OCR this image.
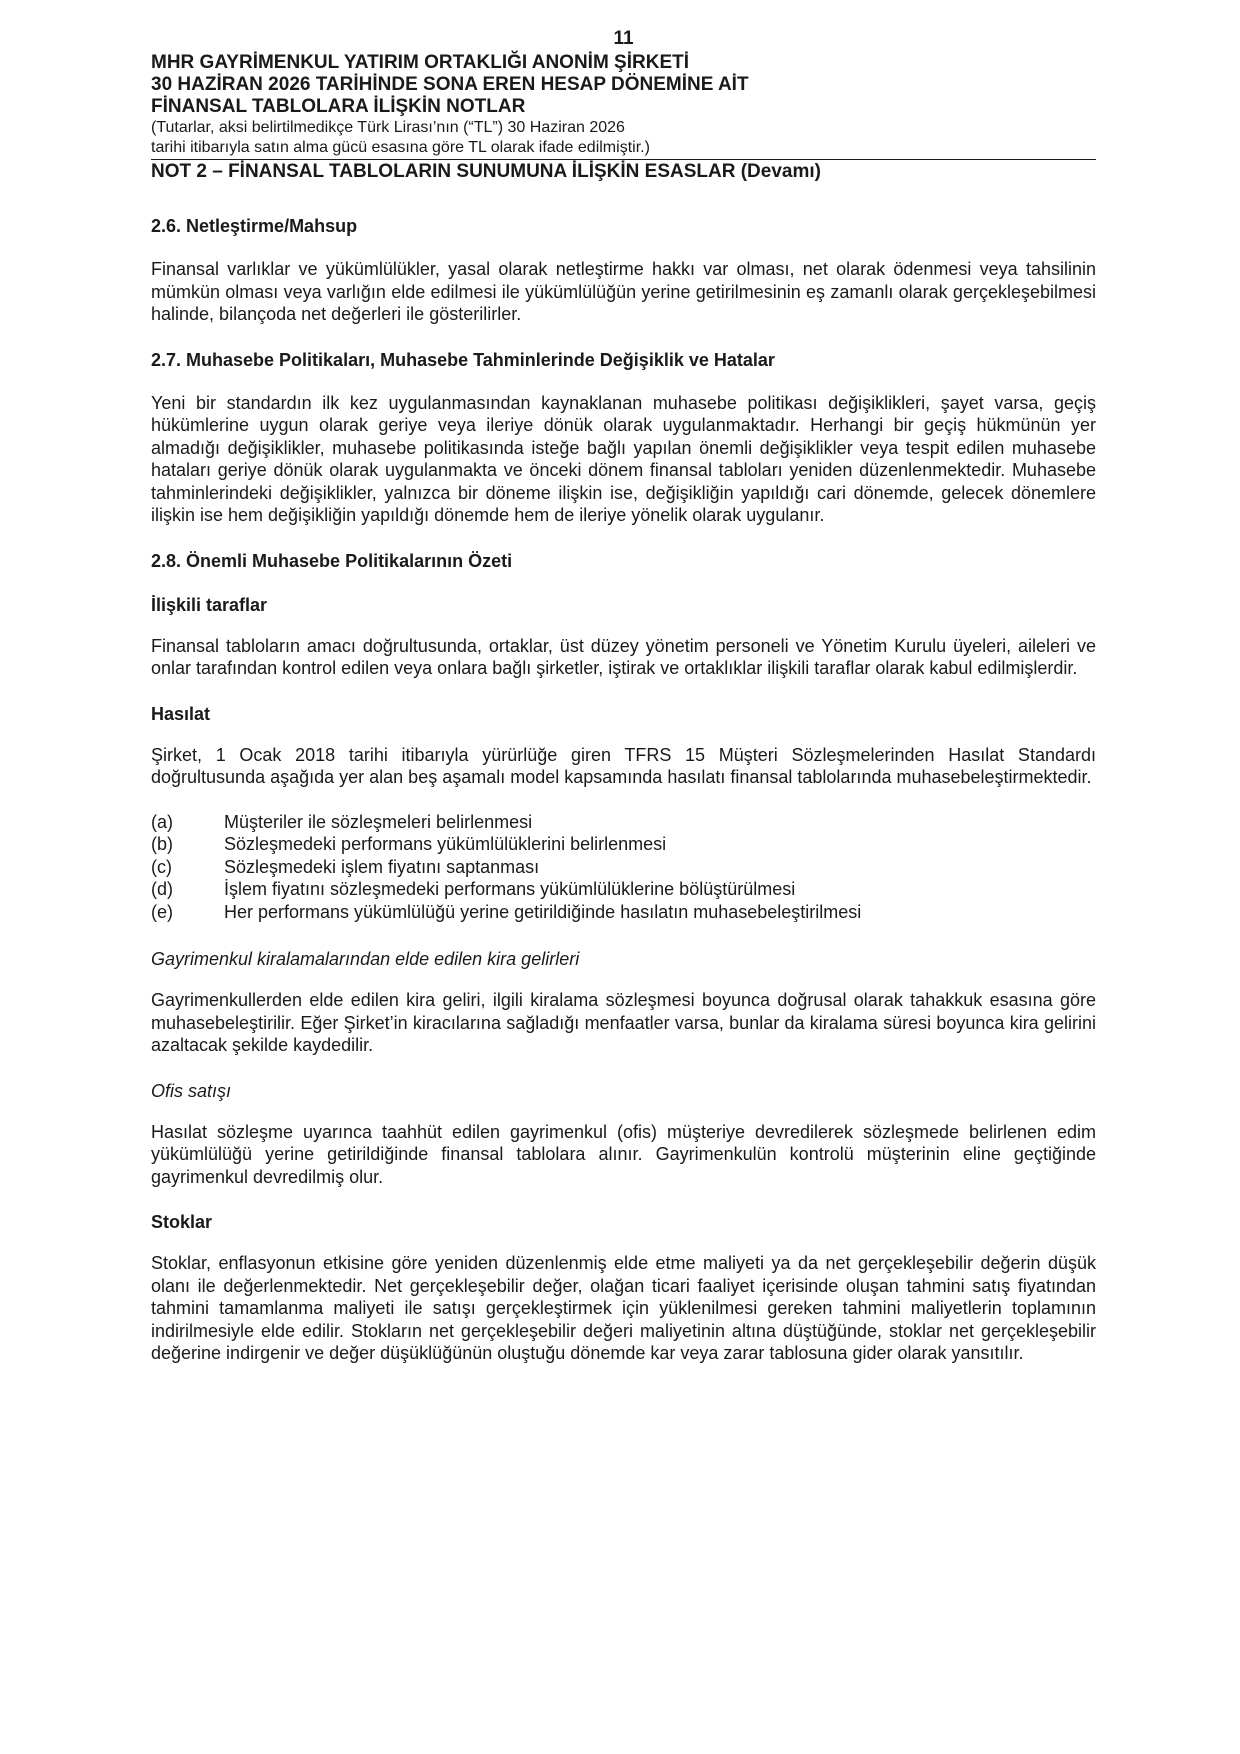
11
MHR GAYRİMENKUL YATIRIM ORTAKLIĞI ANONİM ŞİRKETİ
30 HAZİRAN 2026 TARİHİNDE SONA EREN HESAP DÖNEMİNE AİT
FİNANSAL TABLOLARA İLİŞKİN NOTLAR
(Tutarlar, aksi belirtilmedikçe Türk Lirası’nın (“TL”) 30 Haziran 2026
tarihi itibarıyla satın alma gücü esasına göre TL olarak ifade edilmiştir.)
NOT 2 – FİNANSAL TABLOLARIN SUNUMUNA İLİŞKİN ESASLAR (Devamı)
2.6. Netleştirme/Mahsup

Finansal varlıklar ve yükümlülükler, yasal olarak netleştirme hakkı var olması, net olarak ödenmesi veya tahsilinin mümkün olması veya varlığın elde edilmesi ile yükümlülüğün yerine getirilmesinin eş zamanlı olarak gerçekleşebilmesi halinde, bilançoda net değerleri ile gösterilirler.

2.7. Muhasebe Politikaları, Muhasebe Tahminlerinde Değişiklik ve Hatalar

Yeni bir standardın ilk kez uygulanmasından kaynaklanan muhasebe politikası değişiklikleri, şayet varsa, geçiş hükümlerine uygun olarak geriye veya ileriye dönük olarak uygulanmaktadır. Herhangi bir geçiş hükmünün yer almadığı değişiklikler, muhasebe politikasında isteğe bağlı yapılan önemli değişiklikler veya tespit edilen muhasebe hataları geriye dönük olarak uygulanmakta ve önceki dönem finansal tabloları yeniden düzenlenmektedir. Muhasebe tahminlerindeki değişiklikler, yalnızca bir döneme ilişkin ise, değişikliğin yapıldığı cari dönemde, gelecek dönemlere ilişkin ise hem değişikliğin yapıldığı dönemde hem de ileriye yönelik olarak uygulanır.

2.8. Önemli Muhasebe Politikalarının Özeti
İlişkili taraflar

Finansal tabloların amacı doğrultusunda, ortaklar, üst düzey yönetim personeli ve Yönetim Kurulu üyeleri, aileleri ve onlar tarafından kontrol edilen veya onlara bağlı şirketler, iştirak ve ortaklıklar ilişkili taraflar olarak kabul edilmişlerdir.

Hasılat

Şirket, 1 Ocak 2018 tarihi itibarıyla yürürlüğe giren TFRS 15 Müşteri Sözleşmelerinden Hasılat Standardı doğrultusunda aşağıda yer alan beş aşamalı model kapsamında hasılatı finansal tablolarında muhasebeleştirmektedir.

(a)	Müşteriler ile sözleşmeleri belirlenmesi
(b)	Sözleşmedeki performans yükümlülüklerini belirlenmesi
(c)	Sözleşmedeki işlem fiyatını saptanması
(d)	İşlem fiyatını sözleşmedeki performans yükümlülüklerine bölüştürülmesi
(e)	Her performans yükümlülüğü yerine getirildiğinde hasılatın muhasebeleştirilmesi
Gayrimenkul kiralamalarından elde edilen kira gelirleri

Gayrimenkullerden elde edilen kira geliri, ilgili kiralama sözleşmesi boyunca doğrusal olarak tahakkuk esasına göre muhasebeleştirilir. Eğer Şirket’in kiracılarına sağladığı menfaatler varsa, bunlar da kiralama süresi boyunca kira gelirini azaltacak şekilde kaydedilir.

Ofis satışı

Hasılat sözleşme uyarınca taahhüt edilen gayrimenkul (ofis) müşteriye devredilerek sözleşmede belirlenen edim yükümlülüğü yerine getirildiğinde finansal tablolara alınır. Gayrimenkulün kontrolü müşterinin eline geçtiğinde gayrimenkul devredilmiş olur.

Stoklar

Stoklar, enflasyonun etkisine göre yeniden düzenlenmiş elde etme maliyeti ya da net gerçekleşebilir değerin düşük olanı ile değerlenmektedir. Net gerçekleşebilir değer, olağan ticari faaliyet içerisinde oluşan tahmini satış fiyatından tahmini tamamlanma maliyeti ile satışı gerçekleştirmek için yüklenilmesi gereken tahmini maliyetlerin toplamının indirilmesiyle elde edilir. Stokların net gerçekleşebilir değeri maliyetinin altına düştüğünde, stoklar net gerçekleşebilir değerine indirgenir ve değer düşüklüğünün oluştuğu dönemde kar veya zarar tablosuna gider olarak yansıtılır.
